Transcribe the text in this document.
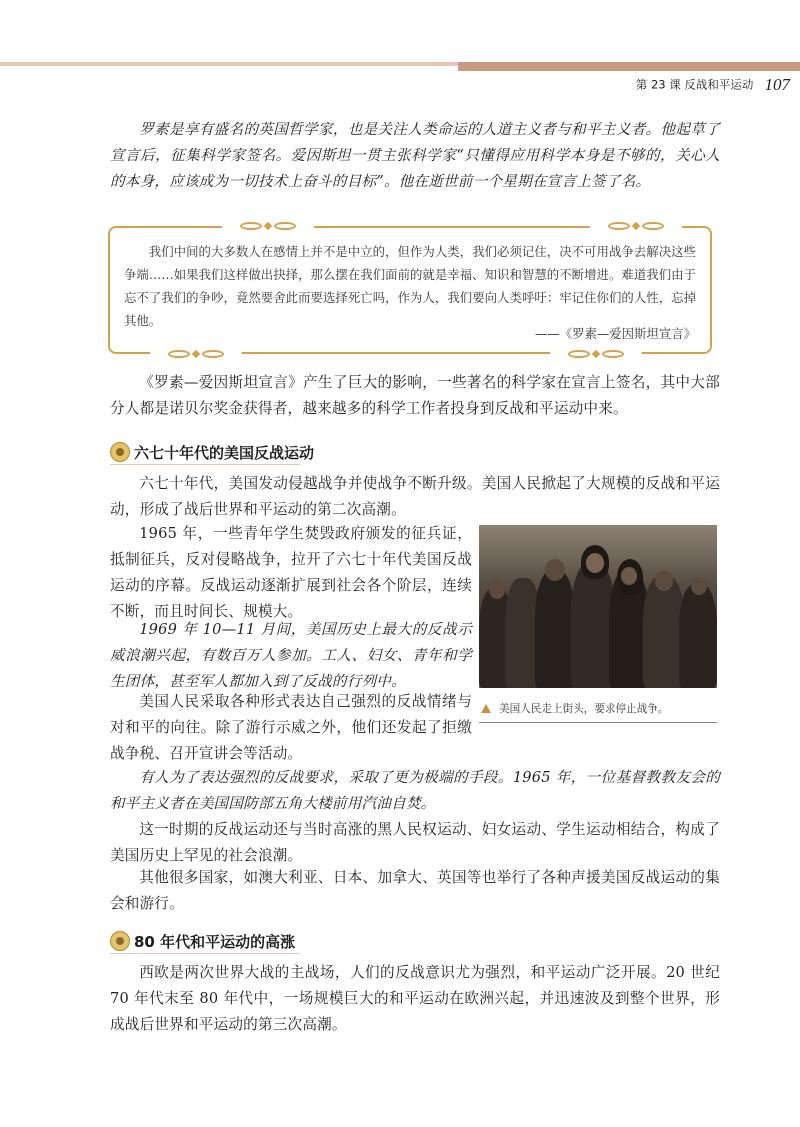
第 23 课 反战和平运动 107

罗素是享有盛名的英国哲学家，也是关注人类命运的人道主义者与和平主义者。他起草了宣言后，征集科学家签名。爱因斯坦一贯主张科学家“只懂得应用科学本身是不够的，关心人的本身，应该成为一切技术上奋斗的目标”。他在逝世前一个星期在宣言上签了名。

我们中间的大多数人在感情上并不是中立的，但作为人类，我们必须记住，决不可用战争去解决这些争端……如果我们这样做出抉择，那么摆在我们面前的就是幸福、知识和智慧的不断增进。难道我们由于忘不了我们的争吵，竟然要舍此而要选择死亡吗，作为人，我们要向人类呼吁：牢记住你们的人性，忘掉其他。

——《罗素—爱因斯坦宣言》

《罗素—爱因斯坦宣言》产生了巨大的影响，一些著名的科学家在宣言上签名，其中大部分人都是诺贝尔奖金获得者，越来越多的科学工作者投身到反战和平运动中来。

六七十年代的美国反战运动

六七十年代，美国发动侵越战争并使战争不断升级。美国人民掀起了大规模的反战和平运动，形成了战后世界和平运动的第二次高潮。

1965 年，一些青年学生焚毁政府颁发的征兵证，抵制征兵，反对侵略战争，拉开了六七十年代美国反战运动的序幕。反战运动逐渐扩展到社会各个阶层，连续不断，而且时间长、规模大。

1969 年 10—11 月间，美国历史上最大的反战示威浪潮兴起，有数百万人参加。工人、妇女、青年和学生团体，甚至军人都加入到了反战的行列中。

美国人民采取各种形式表达自己强烈的反战情绪与对和平的向往。除了游行示威之外，他们还发起了拒缴战争税、召开宣讲会等活动。

美国人民走上街头，要求停止战争。

有人为了表达强烈的反战要求，采取了更为极端的手段。1965 年，一位基督教教友会的和平主义者在美国国防部五角大楼前用汽油自焚。

这一时期的反战运动还与当时高涨的黑人民权运动、妇女运动、学生运动相结合，构成了美国历史上罕见的社会浪潮。

其他很多国家，如澳大利亚、日本、加拿大、英国等也举行了各种声援美国反战运动的集会和游行。

80 年代和平运动的高涨

西欧是两次世界大战的主战场，人们的反战意识尤为强烈，和平运动广泛开展。20 世纪 70 年代末至 80 年代中，一场规模巨大的和平运动在欧洲兴起，并迅速波及到整个世界，形成战后世界和平运动的第三次高潮。
